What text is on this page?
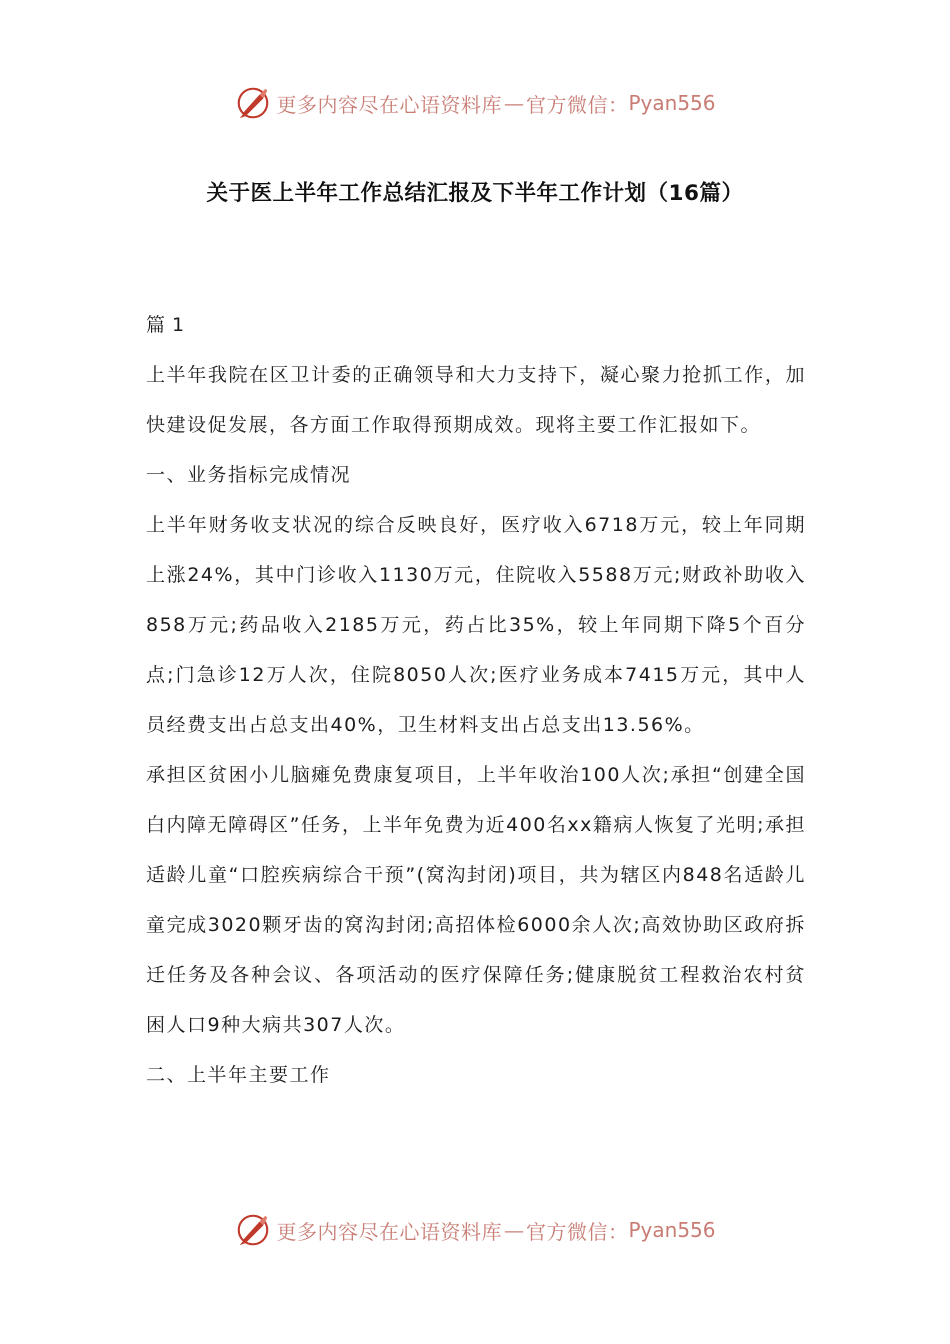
更多内容尽在心语资料库 — 官方微信： Pyan556
关于医上半年工作总结汇报及下半年工作计划（16篇）

篇 1

上半年我院在区卫计委的正确领导和大力支持下，凝心聚力抢抓工作，加快建设促发展，各方面工作取得预期成效。现将主要工作汇报如下。

一、业务指标完成情况

上半年财务收支状况的综合反映良好，医疗收入6718万元，较上年同期上涨24%，其中门诊收入1130万元，住院收入5588万元;财政补助收入858万元;药品收入2185万元，药占比35%，较上年同期下降5个百分点;门急诊12万人次，住院8050人次;医疗业务成本7415万元，其中人员经费支出占总支出40%，卫生材料支出占总支出13.56%。

承担区贫困小儿脑瘫免费康复项目，上半年收治100人次;承担“创建全国白内障无障碍区”任务，上半年免费为近400名xx籍病人恢复了光明;承担适龄儿童“口腔疾病综合干预”(窝沟封闭)项目，共为辖区内848名适龄儿童完成3020颗牙齿的窝沟封闭;高招体检6000余人次;高效协助区政府拆迁任务及各种会议、各项活动的医疗保障任务;健康脱贫工程救治农村贫困人口9种大病共307人次。

二、上半年主要工作

更多内容尽在心语资料库 — 官方微信： Pyan556
